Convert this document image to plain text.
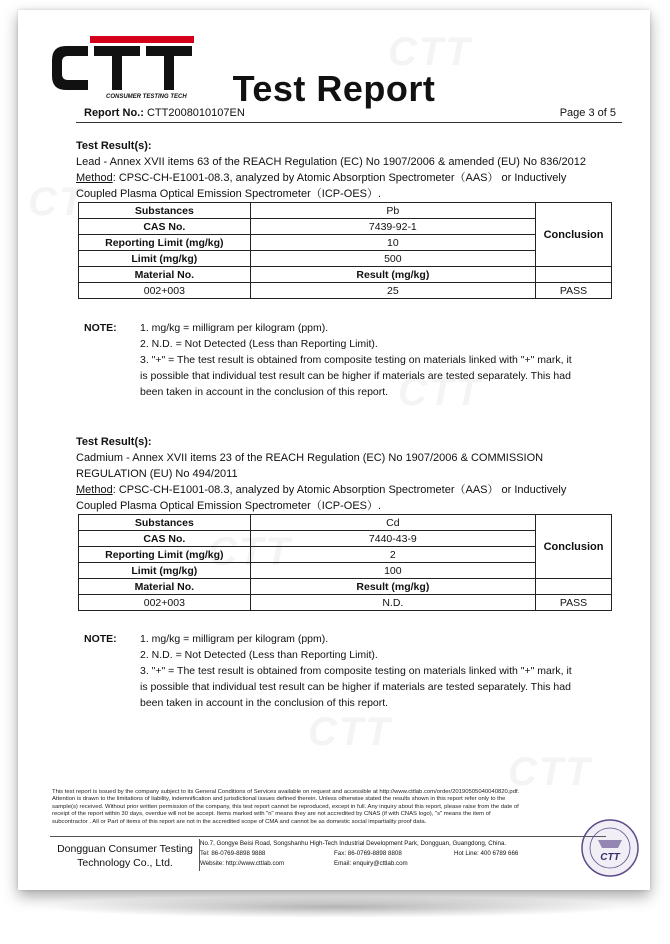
CONSUMER TESTING TECH	Test Report
Report No.: CTT2008010107EN	Page 3 of 5
Test Result(s):
Lead - Annex XVII items 63 of the REACH Regulation (EC) No 1907/2006 & amended (EU) No 836/2012
Method: CPSC-CH-E1001-08.3, analyzed by Atomic Absorption Spectrometer（AAS） or Inductively
Coupled Plasma Optical Emission Spectrometer（ICP-OES）.
Substances	Pb	Conclusion
CAS No.	7439-92-1	
Reporting Limit (mg/kg)	10	
Limit (mg/kg)	500	
Material No.	Result (mg/kg)	
002+003	25	PASS
NOTE: 1. mg/kg = milligram per kilogram (ppm).

2. N.D. = Not Detected (Less than Reporting Limit).

3. "+" = The test result is obtained from composite testing on materials linked with "+" mark, it

is possible that individual test result can be higher if materials are tested separately. This had

been taken in account in the conclusion of this report.

Test Result(s):
Cadmium - Annex XVII items 23 of the REACH Regulation (EC) No 1907/2006 & COMMISSION
REGULATION (EU) No 494/2011
Method: CPSC-CH-E1001-08.3, analyzed by Atomic Absorption Spectrometer（AAS） or Inductively
Coupled Plasma Optical Emission Spectrometer（ICP-OES）.
Substances	Cd	Conclusion
CAS No.	7440-43-9	
Reporting Limit (mg/kg)	2	
Limit (mg/kg)	100	
Material No.	Result (mg/kg)	
002+003	N.D.	PASS
NOTE: 1. mg/kg = milligram per kilogram (ppm).

2. N.D. = Not Detected (Less than Reporting Limit).

3. "+" = The test result is obtained from composite testing on materials linked with "+" mark, it

is possible that individual test result can be higher if materials are tested separately. This had

been taken in account in the conclusion of this report.

This test report is issued by the company subject to its General Conditions of Services available on request and accessible at http://www.cttlab.com/order/20190505040040820.pdf.

Attention is drawn to the limitations of liability, indemnification and jurisdictional issues defined therein. Unless otherwise stated the results shown in this report refer only to the

sample(s) received. Without prior written permission of the company, this test report cannot be reproduced, except in full. Any inquiry about this report, please raise from the date of

receipt of the report within 30 days, overdue will not be accept. Items marked with "n" means they are not accredited by CNAS (if with CNAS logo), "s" means the item of

subcontractor . All or Part of items of this report are not in the accredited scope of CMA and cannot be as domestic social impartiality proof data.

Dongguan Consumer Testing
Technology Co., Ltd.
No.7, Gongye Beisi Road, Songshanhu High-Tech Industrial Development Park, Dongguan, Guangdong, China.
Tel: 86-0769-8898 9888	Fax: 86-0769-8898 8808	Hot Line: 400 6789 666
Website: http://www.cttlab.com	Email: enquiry@cttlab.com
CTT
